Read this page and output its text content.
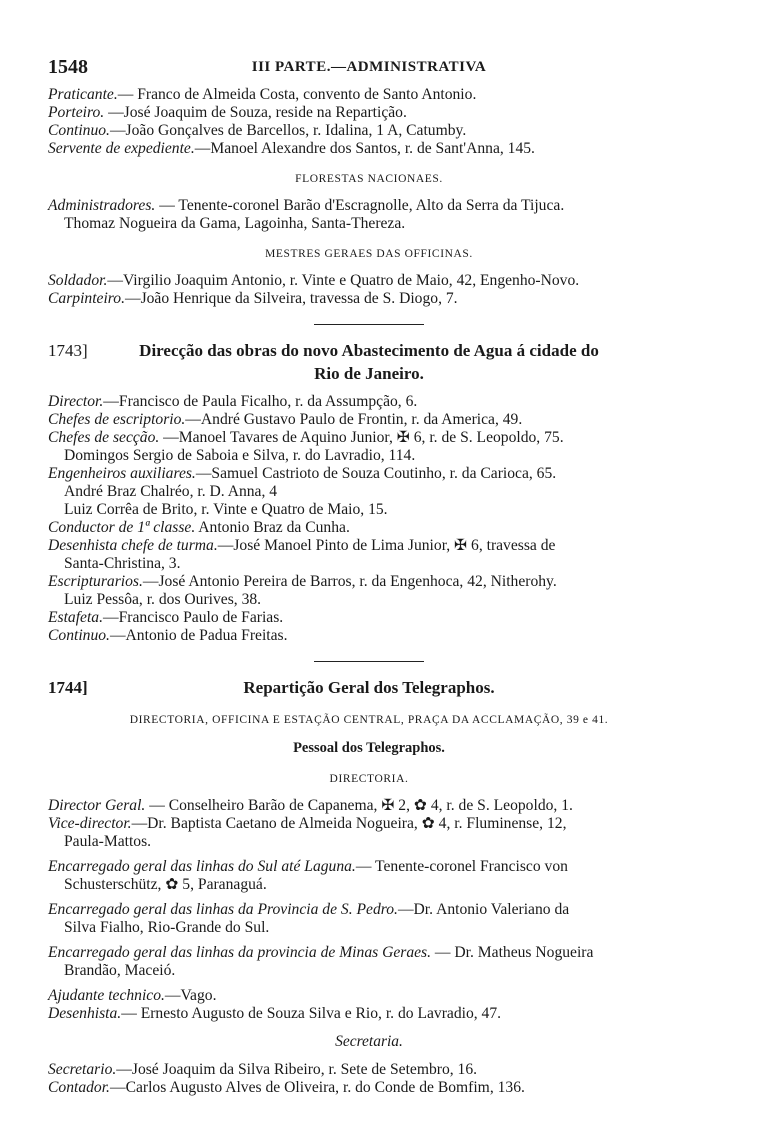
1548	III PARTE.—ADMINISTRATIVA
Praticante.— Franco de Almeida Costa, convento de Santo Antonio.
Porteiro. —José Joaquim de Souza, reside na Repartição.
Continuo.—João Gonçalves de Barcellos, r. Idalina, 1 A, Catumby.
Servente de expediente.—Manoel Alexandre dos Santos, r. de Sant'Anna, 145.
FLORESTAS NACIONAES.
Administradores. — Tenente-coronel Barão d'Escragnolle, Alto da Serra da Tijuca.
Thomaz Nogueira da Gama, Lagoinha, Santa-Thereza.
MESTRES GERAES DAS OFFICINAS.
Soldador.—Virgilio Joaquim Antonio, r. Vinte e Quatro de Maio, 42, Engenho-Novo.
Carpinteiro.—João Henrique da Silveira, travessa de S. Diogo, 7.
1743]	Direcção das obras do novo Abastecimento de Agua á cidade do
Rio de Janeiro.
Director.—Francisco de Paula Ficalho, r. da Assumpção, 6.
Chefes de escriptorio.—André Gustavo Paulo de Frontin, r. da America, 49.
Chefes de secção. —Manoel Tavares de Aquino Junior, ✠ 6, r. de S. Leopoldo, 75.
Domingos Sergio de Saboia e Silva, r. do Lavradio, 114.
Engenheiros auxiliares.—Samuel Castrioto de Souza Coutinho, r. da Carioca, 65.
André Braz Chalréo, r. D. Anna, 4
Luiz Corrêa de Brito, r. Vinte e Quatro de Maio, 15.
Conductor de 1ª classe. Antonio Braz da Cunha.
Desenhista chefe de turma.—José Manoel Pinto de Lima Junior, ✠ 6, travessa de
Santa-Christina, 3.
Escripturarios.—José Antonio Pereira de Barros, r. da Engenhoca, 42, Nitherohy.
Luiz Pessôa, r. dos Ourives, 38.
Estafeta.—Francisco Paulo de Farias.
Continuo.—Antonio de Padua Freitas.
1744]	Repartição Geral dos Telegraphos.
DIRECTORIA, OFFICINA E ESTAÇÃO CENTRAL, PRAÇA DA ACCLAMAÇÃO, 39 e 41.
Pessoal dos Telegraphos.
DIRECTORIA.
Director Geral. — Conselheiro Barão de Capanema, ✠ 2, ✿ 4, r. de S. Leopoldo, 1.
Vice-director.—Dr. Baptista Caetano de Almeida Nogueira, ✿ 4, r. Fluminense, 12,
Paula-Mattos.
Encarregado geral das linhas do Sul até Laguna.— Tenente-coronel Francisco von
Schusterschütz, ✿ 5, Paranaguá.
Encarregado geral das linhas da Provincia de S. Pedro.—Dr. Antonio Valeriano da
Silva Fialho, Rio-Grande do Sul.
Encarregado geral das linhas da provincia de Minas Geraes. — Dr. Matheus Nogueira
Brandão, Maceió.
Ajudante technico.—Vago.
Desenhista.— Ernesto Augusto de Souza Silva e Rio, r. do Lavradio, 47.
Secretaria.
Secretario.—José Joaquim da Silva Ribeiro, r. Sete de Setembro, 16.
Contador.—Carlos Augusto Alves de Oliveira, r. do Conde de Bomfim, 136.
